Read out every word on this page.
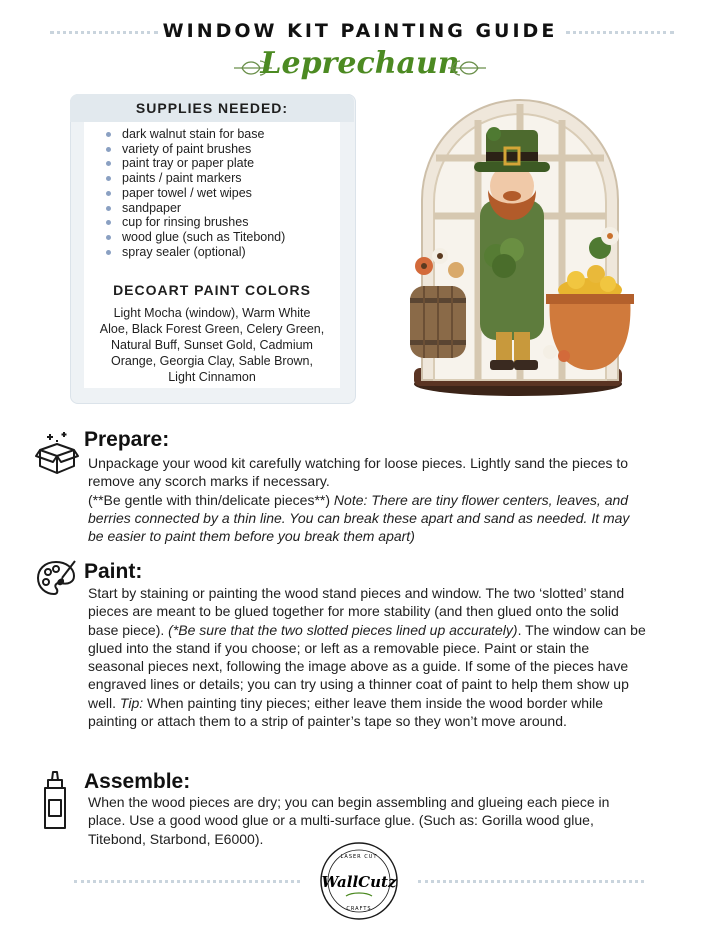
WINDOW KIT PAINTING GUIDE
Leprechaun
SUPPLIES NEEDED:
dark walnut stain for base
variety of paint brushes
paint tray or paper plate
paints / paint markers
paper towel / wet wipes
sandpaper
cup for rinsing brushes
wood glue (such as Titebond)
spray sealer (optional)
DECOART PAINT COLORS
Light Mocha (window), Warm White
Aloe, Black Forest Green, Celery Green,
Natural Buff, Sunset Gold, Cadmium
Orange, Georgia Clay, Sable Brown,
Light Cinnamon
Prepare:

Unpackage your wood kit carefully watching for loose pieces. Lightly sand the pieces to remove any scorch marks if necessary.

(**Be gentle with thin/delicate pieces**) Note: There are tiny flower centers, leaves, and berries connected by a thin line. You can break these apart and sand as needed. It may be easier to paint them before you break them apart)

Paint:

Start by staining or painting the wood stand pieces and window. The two ‘slotted’ stand pieces are meant to be glued together for more stability (and then glued onto the solid base piece). (*Be sure that the two slotted pieces lined up accurately). The window can be glued into the stand if you choose; or left as a removable piece. Paint or stain the seasonal pieces next, following the image above as a guide. If some of the pieces have engraved lines or details; you can try using a thinner coat of paint to help them show up well. Tip: When painting tiny pieces; either leave them inside the wood border while painting or attach them to a strip of painter’s tape so they won’t move around.

Assemble:

When the wood pieces are dry; you can begin assembling and glueing each piece in place. Use a good wood glue or a multi-surface glue. (Such as: Gorilla wood glue, Titebond, Starbond, E6000).

LASER CUT
WallCutz
CRAFTS
